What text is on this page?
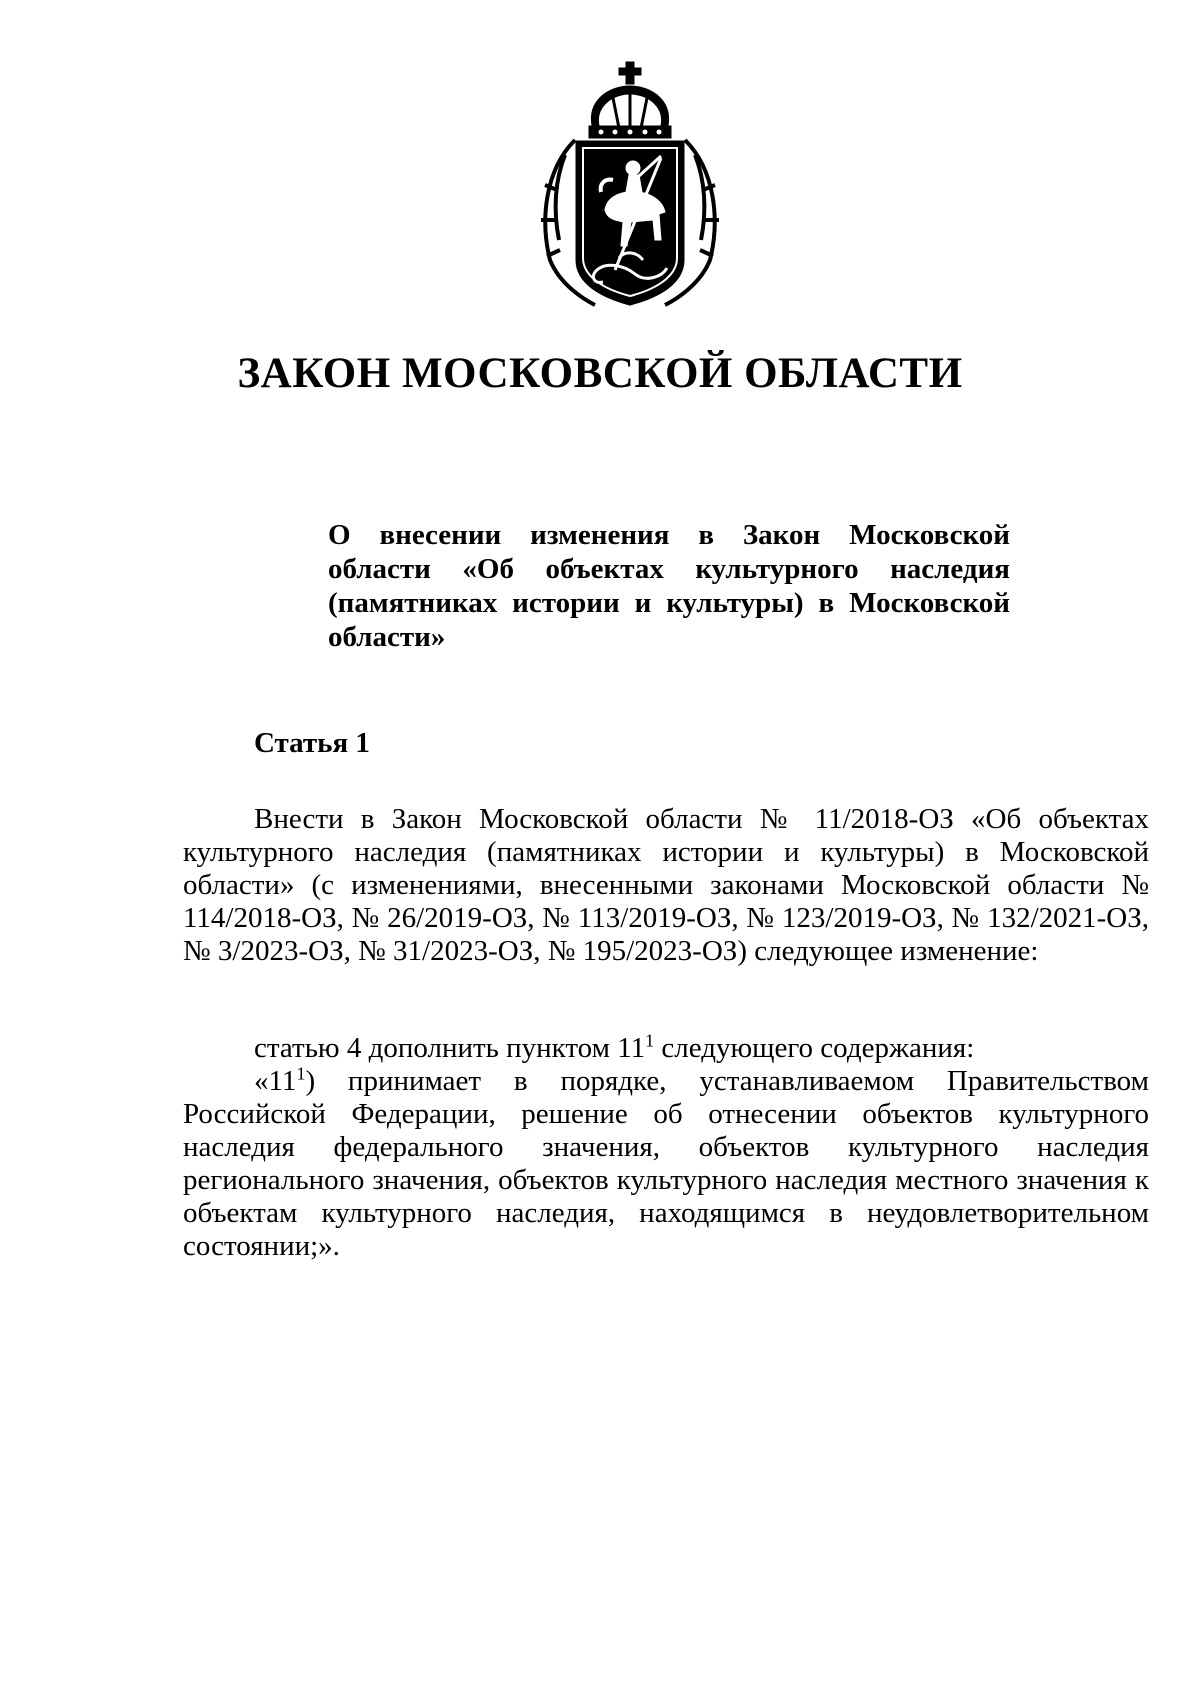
ЗАКОН МОСКОВСКОЙ ОБЛАСТИ

О внесении изменения в Закон Московской области «Об объектах культурного наследия (памятниках истории и культуры) в Московской области»

Статья 1

Внести в Закон Московской области № 11/2018-ОЗ «Об объектах культурного наследия (памятниках истории и культуры) в Московской области» (с изменениями, внесенными законами Московской области № 114/2018-ОЗ, № 26/2019-ОЗ, № 113/2019-ОЗ, № 123/2019-ОЗ, № 132/2021-ОЗ, № 3/2023-ОЗ, № 31/2023-ОЗ, № 195/2023-ОЗ) следующее изменение:

статью 4 дополнить пунктом $11^1$ следующего содержания:

«$11^1$) принимает в порядке, устанавливаемом Правительством Российской Федерации, решение об отнесении объектов культурного наследия федерального значения, объектов культурного наследия регионального значения, объектов культурного наследия местного значения к объектам культурного наследия, находящимся в неудовлетворительном состоянии;».
